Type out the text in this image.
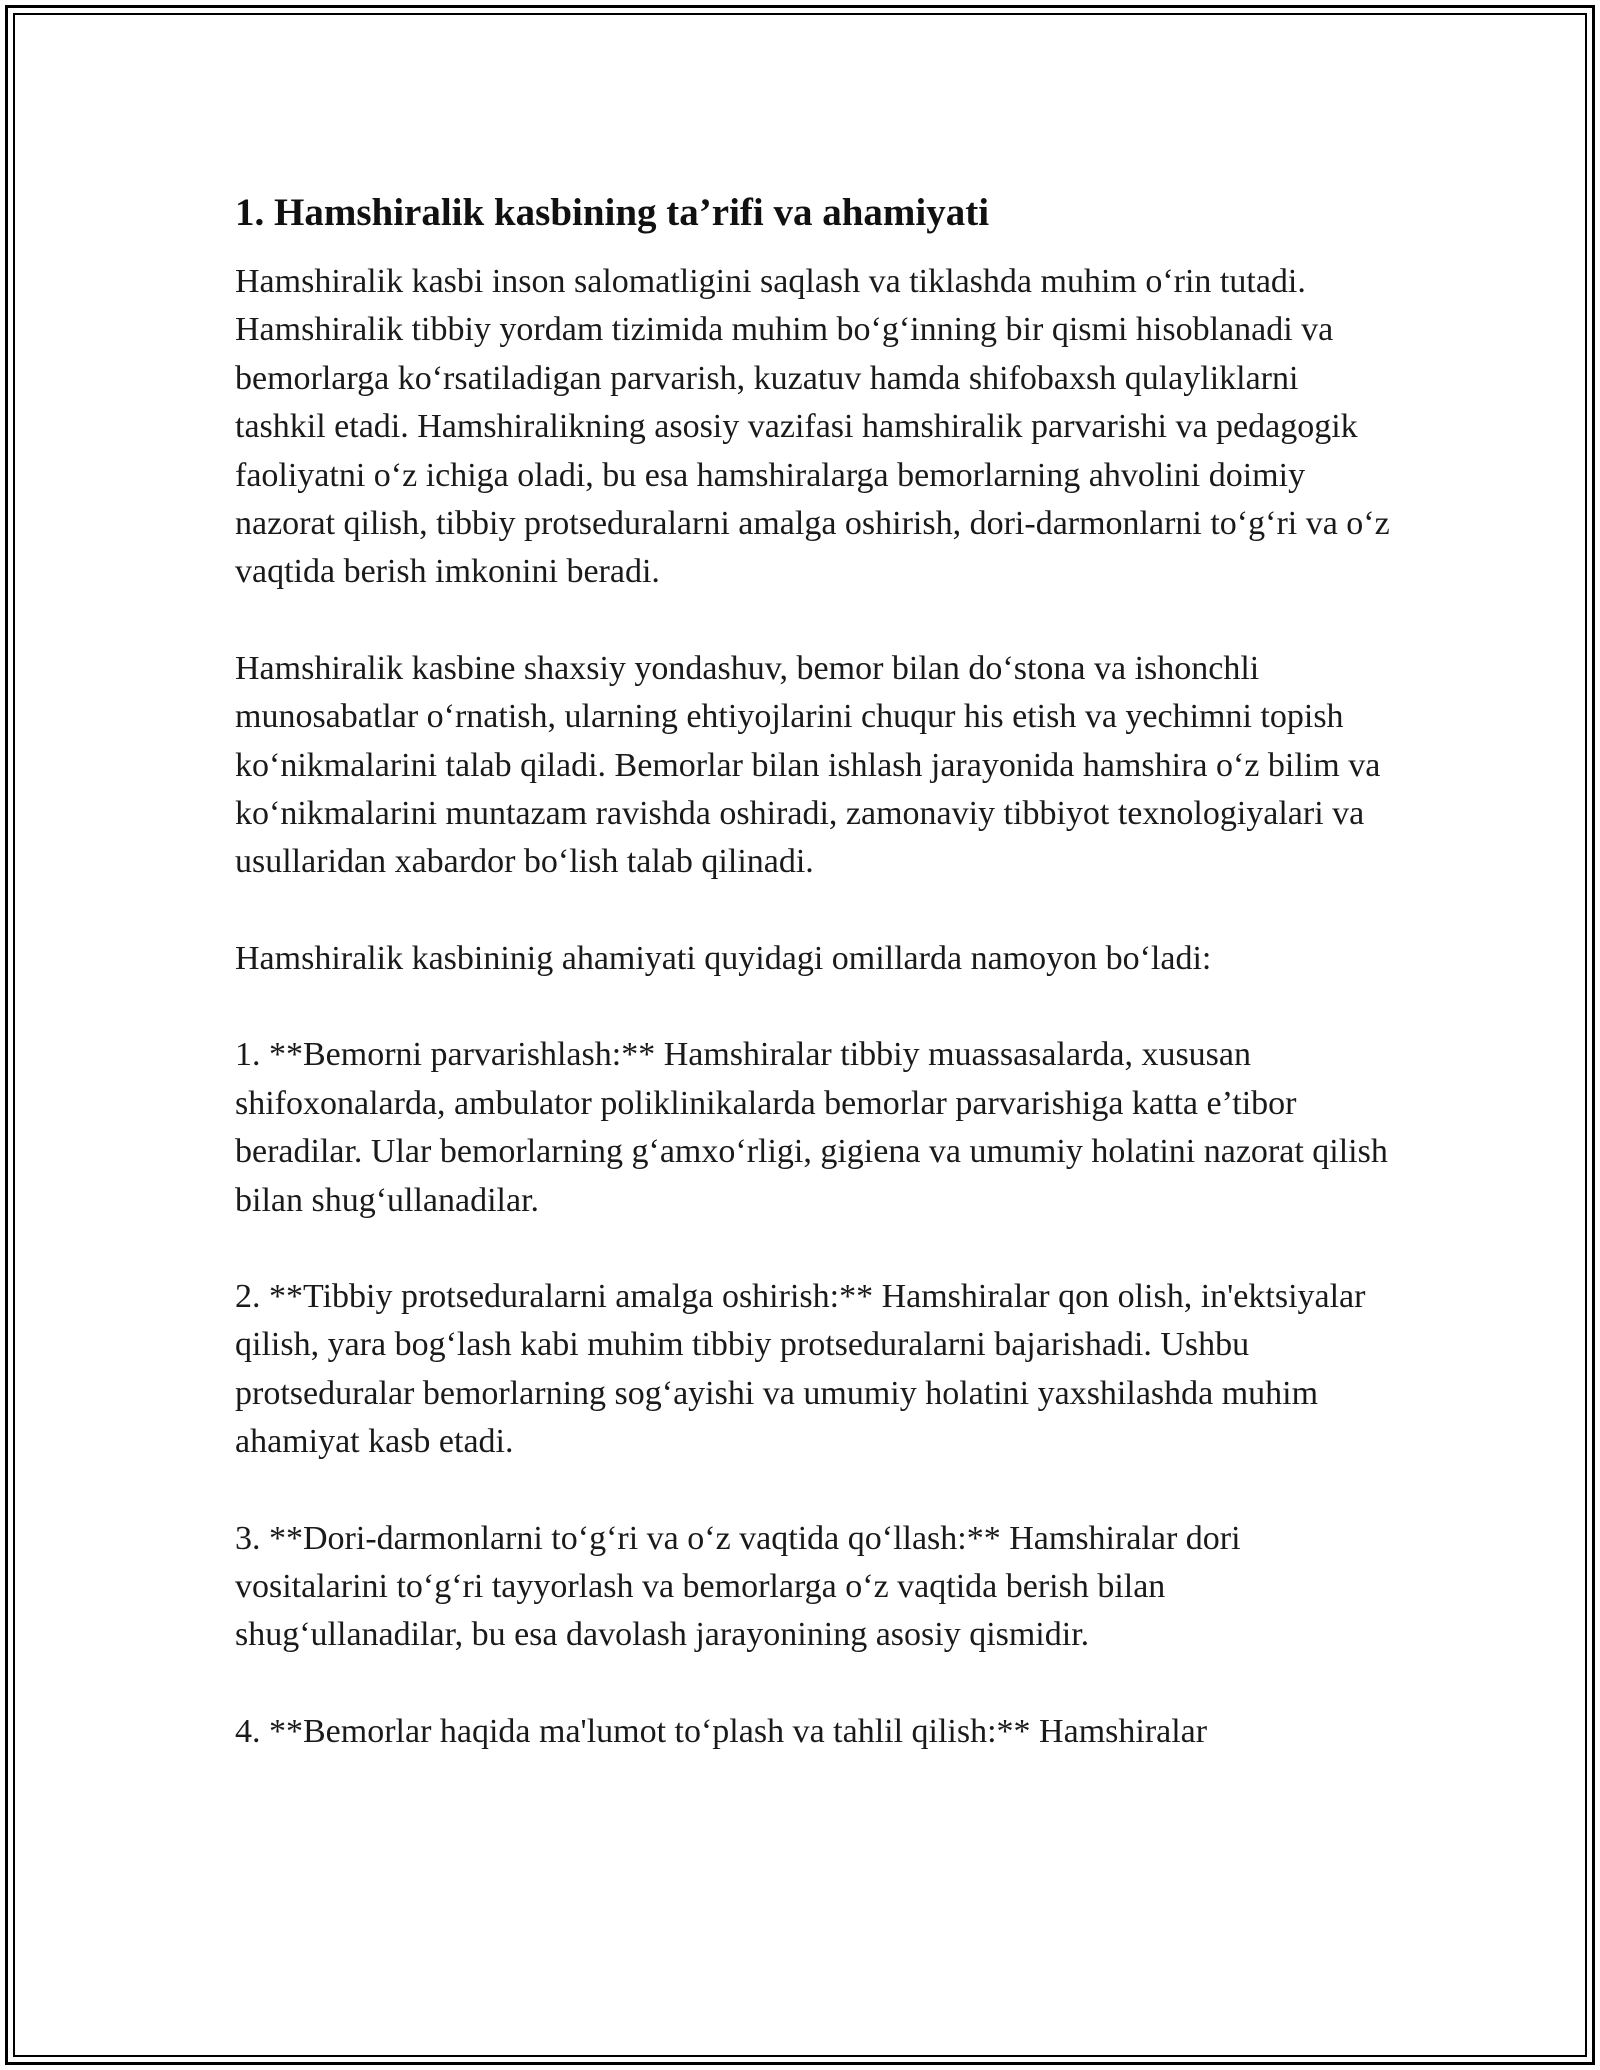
1. Hamshiralik kasbining ta’rifi va ahamiyati

Hamshiralik kasbi inson salomatligini saqlash va tiklashda muhim o‘rin tutadi. Hamshiralik tibbiy yordam tizimida muhim bo‘g‘inning bir qismi hisoblanadi va bemorlarga ko‘rsatiladigan parvarish, kuzatuv hamda shifobaxsh qulayliklarni tashkil etadi. Hamshiralikning asosiy vazifasi hamshiralik parvarishi va pedagogik faoliyatni o‘z ichiga oladi, bu esa hamshiralarga bemorlarning ahvolini doimiy nazorat qilish, tibbiy protseduralarni amalga oshirish, dori-darmonlarni to‘g‘ri va o‘z vaqtida berish imkonini beradi.

Hamshiralik kasbine shaxsiy yondashuv, bemor bilan do‘stona va ishonchli munosabatlar o‘rnatish, ularning ehtiyojlarini chuqur his etish va yechimni topish ko‘nikmalarini talab qiladi. Bemorlar bilan ishlash jarayonida hamshira o‘z bilim va ko‘nikmalarini muntazam ravishda oshiradi, zamonaviy tibbiyot texnologiyalari va usullaridan xabardor bo‘lish talab qilinadi.

Hamshiralik kasbininig ahamiyati quyidagi omillarda namoyon bo‘ladi:

1. **Bemorni parvarishlash:** Hamshiralar tibbiy muassasalarda, xususan shifoxonalarda, ambulator poliklinikalarda bemorlar parvarishiga katta e’tibor beradilar. Ular bemorlarning g‘amxo‘rligi, gigiena va umumiy holatini nazorat qilish bilan shug‘ullanadilar.

2. **Tibbiy protseduralarni amalga oshirish:** Hamshiralar qon olish, in'ektsiyalar qilish, yara bog‘lash kabi muhim tibbiy protseduralarni bajarishadi. Ushbu protseduralar bemorlarning sog‘ayishi va umumiy holatini yaxshilashda muhim ahamiyat kasb etadi.

3. **Dori-darmonlarni to‘g‘ri va o‘z vaqtida qo‘llash:** Hamshiralar dori vositalarini to‘g‘ri tayyorlash va bemorlarga o‘z vaqtida berish bilan shug‘ullanadilar, bu esa davolash jarayonining asosiy qismidir.

4. **Bemorlar haqida ma'lumot to‘plash va tahlil qilish:** Hamshiralar
